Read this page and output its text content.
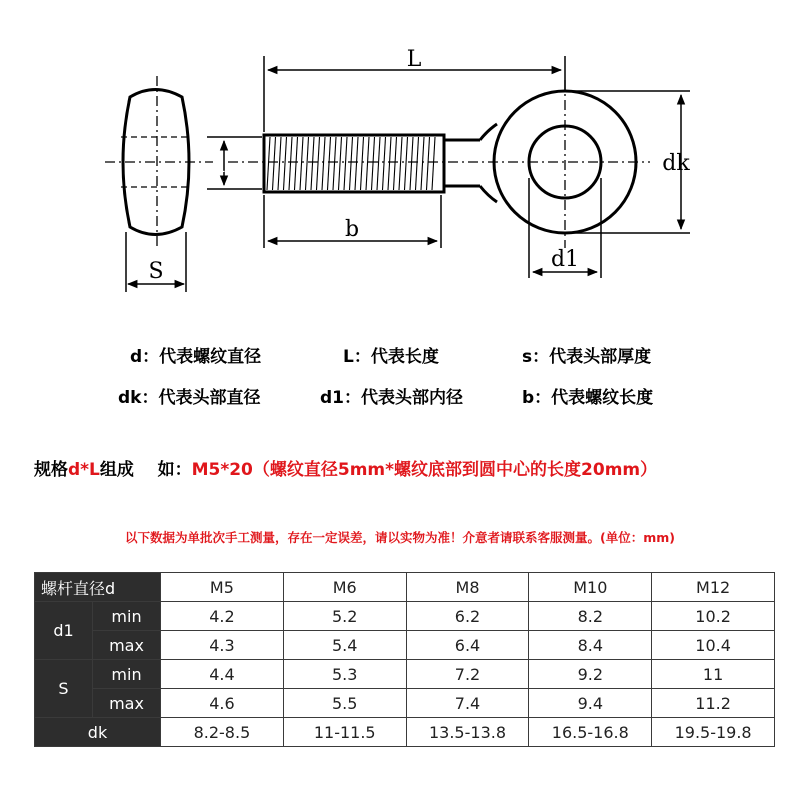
S
d
L
b
dk
d1
d：代表螺纹直径	L：代表长度	s：代表头部厚度
dk：代表头部直径	d1：代表头部内径	b：代表螺纹长度
规格d*L组成    如：M5*20（螺纹直径5mm*螺纹底部到圆中心的长度20mm）
以下数据为单批次手工测量，存在一定误差，请以实物为准！介意者请联系客服测量。(单位：mm)
螺杆直径d		M5	M6	M8	M10	M12
d1	min	4.2	5.2	6.2	8.2	10.2
	max	4.3	5.4	6.4	8.4	10.4
S	min	4.4	5.3	7.2	9.2	11
	max	4.6	5.5	7.4	9.4	11.2
dk		8.2-8.5	11-11.5	13.5-13.8	16.5-16.8	19.5-19.8
